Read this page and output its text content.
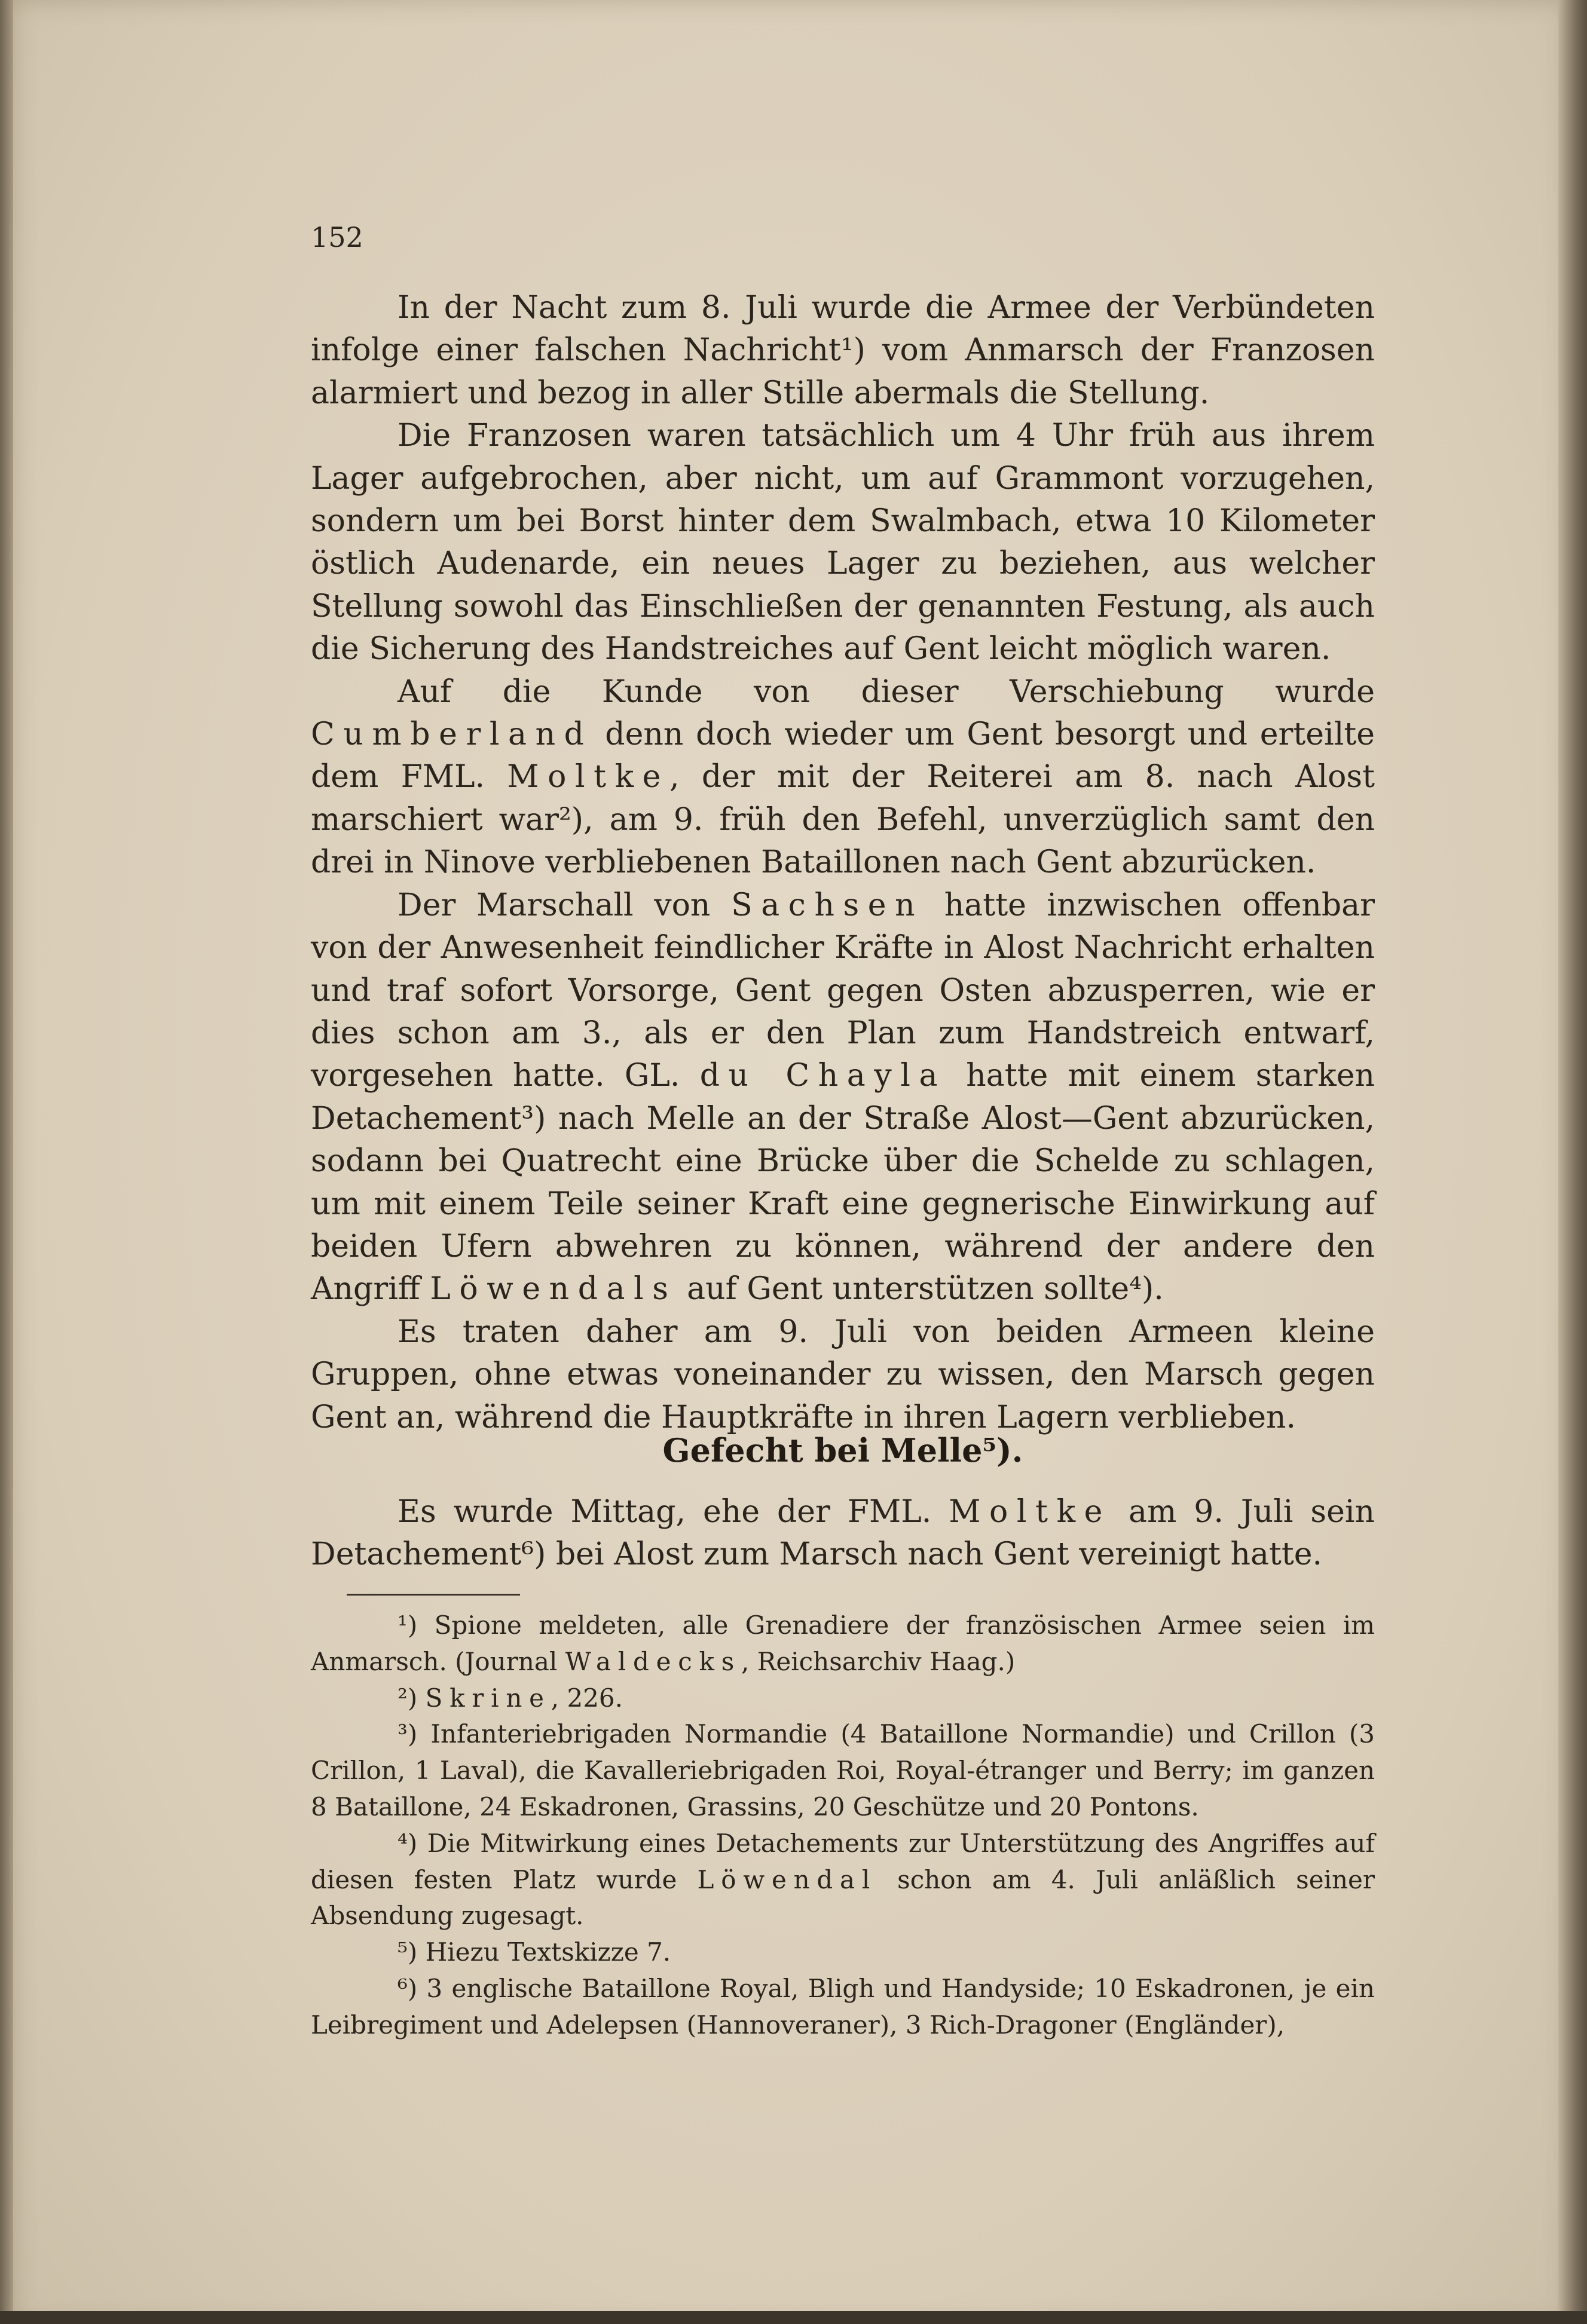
152

In der Nacht zum 8. Juli wurde die Armee der Verbündeten infolge einer falschen Nachricht¹) vom Anmarsch der Franzosen alarmiert und bezog in aller Stille abermals die Stellung.

Die Franzosen waren tatsächlich um 4 Uhr früh aus ihrem Lager aufgebrochen, aber nicht, um auf Grammont vorzugehen, sondern um bei Borst hinter dem Swalmbach, etwa 10 Kilometer östlich Audenarde, ein neues Lager zu beziehen, aus welcher Stellung sowohl das Einschließen der genannten Festung, als auch die Sicherung des Handstreiches auf Gent leicht möglich waren.

Auf die Kunde von dieser Verschiebung wurde Cumberland denn doch wieder um Gent besorgt und erteilte dem FML. Moltke, der mit der Reiterei am 8. nach Alost marschiert war²), am 9. früh den Befehl, unverzüglich samt den drei in Ninove verbliebenen Bataillonen nach Gent abzurücken.

Der Marschall von Sachsen hatte inzwischen offenbar von der Anwesenheit feindlicher Kräfte in Alost Nachricht erhalten und traf sofort Vorsorge, Gent gegen Osten abzusperren, wie er dies schon am 3., als er den Plan zum Handstreich entwarf, vorgesehen hatte. GL. du Chayla hatte mit einem starken Detachement³) nach Melle an der Straße Alost—Gent abzurücken, sodann bei Quatrecht eine Brücke über die Schelde zu schlagen, um mit einem Teile seiner Kraft eine gegnerische Einwirkung auf beiden Ufern abwehren zu können, während der andere den Angriff Löwendals auf Gent unterstützen sollte⁴).

Es traten daher am 9. Juli von beiden Armeen kleine Gruppen, ohne etwas voneinander zu wissen, den Marsch gegen Gent an, während die Hauptkräfte in ihren Lagern verblieben.

Gefecht bei Melle⁵).

Es wurde Mittag, ehe der FML. Moltke am 9. Juli sein Detachement⁶) bei Alost zum Marsch nach Gent vereinigt hatte.

¹) Spione meldeten, alle Grenadiere der französischen Armee seien im Anmarsch. (Journal Waldecks, Reichsarchiv Haag.)

²) Skrine, 226.

³) Infanteriebrigaden Normandie (4 Bataillone Normandie) und Crillon (3 Crillon, 1 Laval), die Kavalleriebrigaden Roi, Royal-étranger und Berry; im ganzen 8 Bataillone, 24 Eskadronen, Grassins, 20 Geschütze und 20 Pontons.

⁴) Die Mitwirkung eines Detachements zur Unterstützung des Angriffes auf diesen festen Platz wurde Löwendal schon am 4. Juli anläßlich seiner Absendung zugesagt.

⁵) Hiezu Textskizze 7.

⁶) 3 englische Bataillone Royal, Bligh und Handyside; 10 Eskadronen, je ein Leibregiment und Adelepsen (Hannoveraner), 3 Rich-Dragoner (Engländer),
